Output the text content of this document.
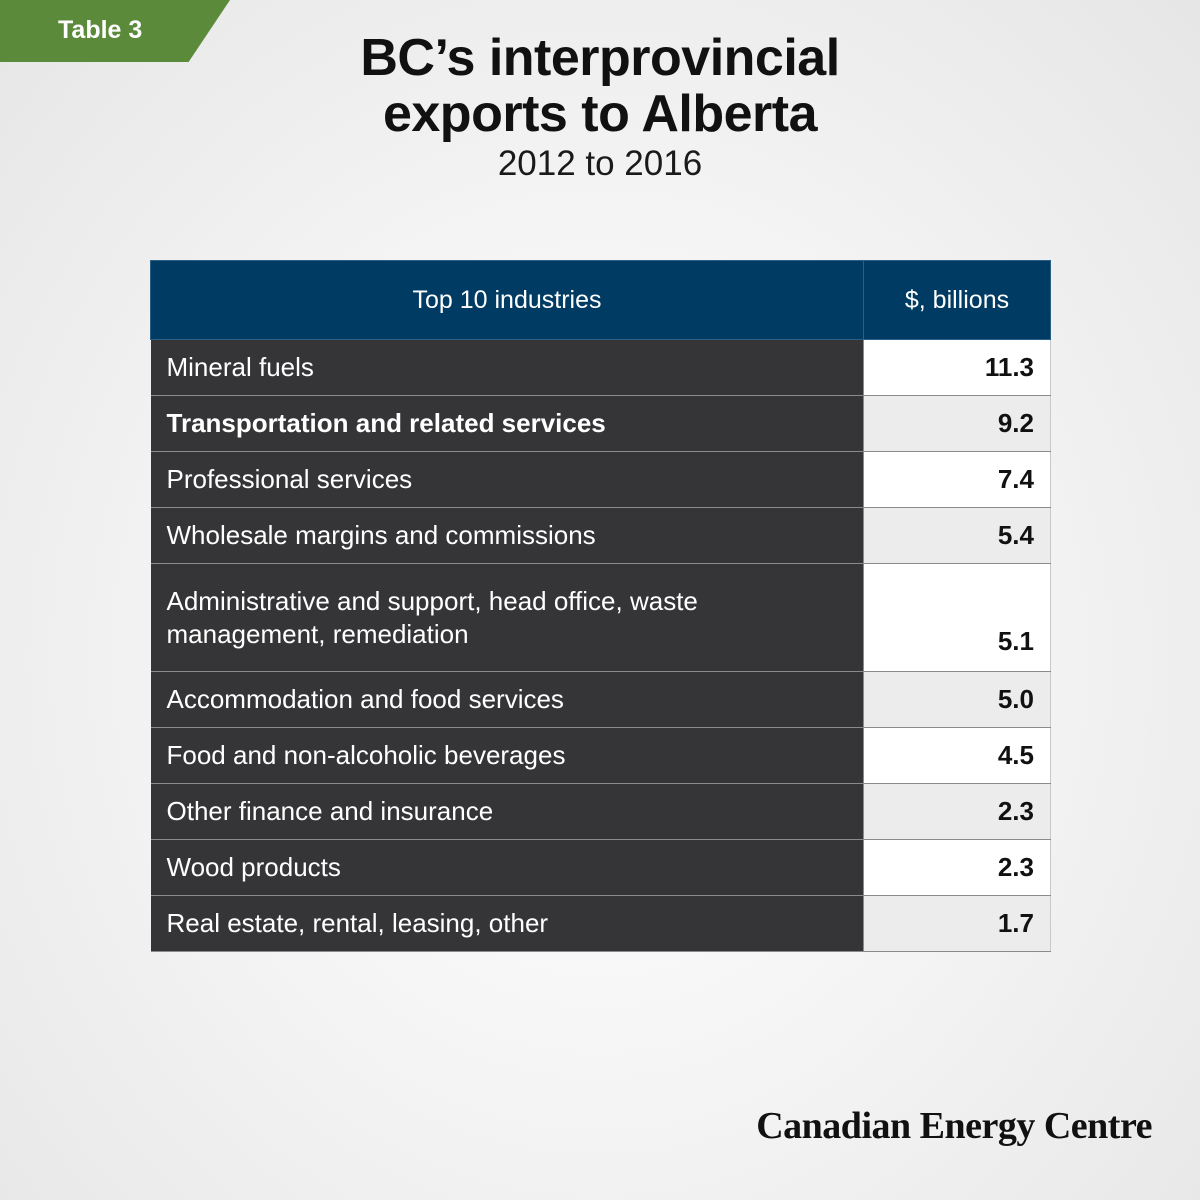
Table 3	BC’s interprovincial
exports to Alberta
2012 to 2016
Top 10 industries	$, billions
Mineral fuels	11.3
Transportation and related services	9.2
Professional services	7.4
Wholesale margins and commissions	5.4
Administrative and support, head office, waste management, remediation	5.1
Accommodation and food services	5.0
Food and non-alcoholic beverages	4.5
Other finance and insurance	2.3
Wood products	2.3
Real estate, rental, leasing, other	1.7
Canadian Energy Centre
